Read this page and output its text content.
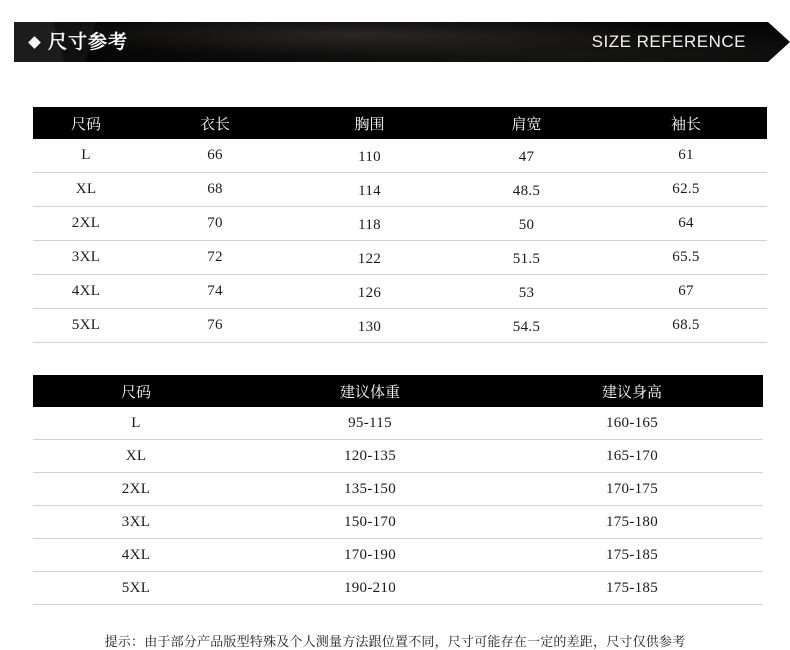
尺寸参考	SIZE REFERENCE
尺码	衣长	胸围	肩宽	袖长
L	66	110	47	61
XL	68	114	48.5	62.5
2XL	70	118	50	64
3XL	72	122	51.5	65.5
4XL	74	126	53	67
5XL	76	130	54.5	68.5
尺码	建议体重	建议身高
L	95-115	160-165
XL	120-135	165-170
2XL	135-150	170-175
3XL	150-170	175-180
4XL	170-190	175-185
5XL	190-210	175-185
提示：由于部分产品版型特殊及个人测量方法跟位置不同，尺寸可能存在一定的差距，尺寸仅供参考
